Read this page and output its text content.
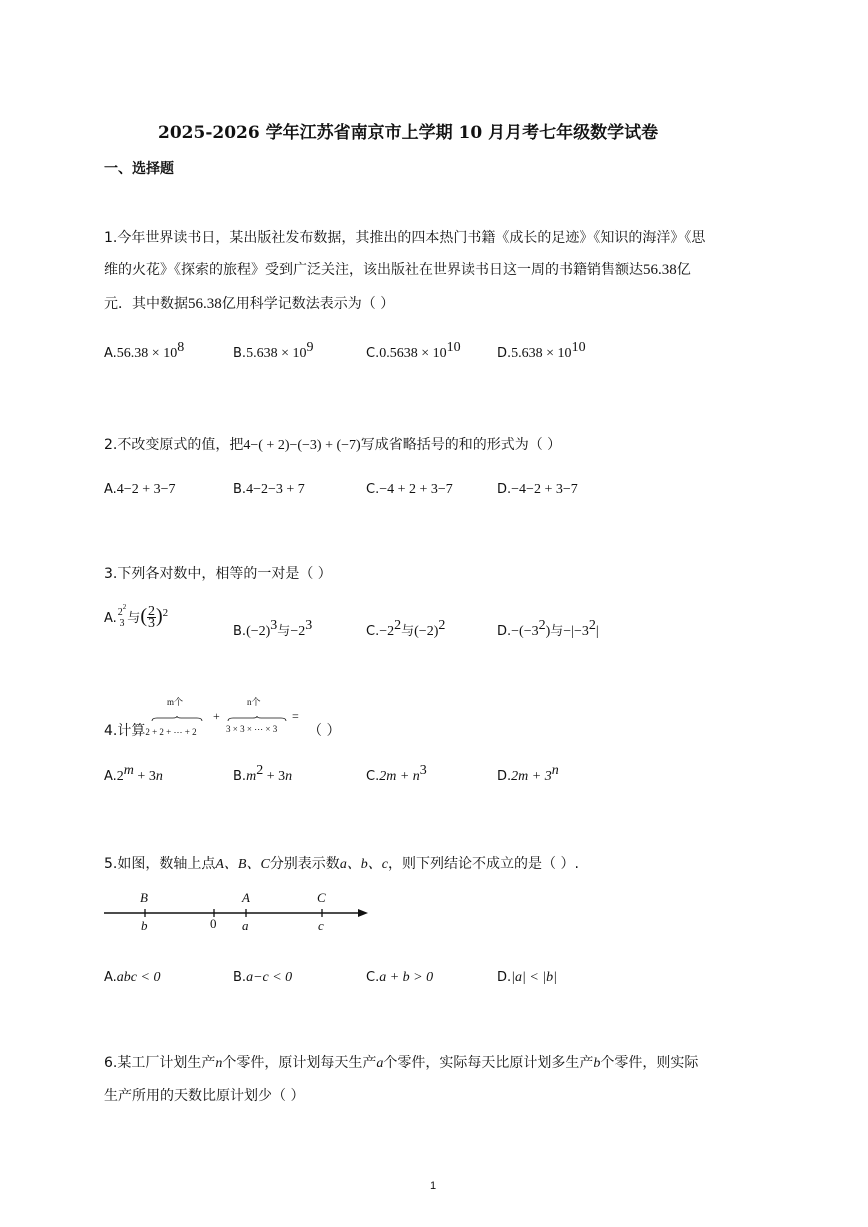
2025-2026 学年江苏省南京市上学期 10 月月考七年级数学试卷
一、选择题
1.今年世界读书日，某出版社发布数据，其推出的四本热门书籍《成长的足迹》《知识的海洋》《思
维的火花》《探索的旅程》受到广泛关注，该出版社在世界读书日这一周的书籍销售额达56.38亿
元．其中数据56.38亿用科学记数法表示为（ ）
$A.56.38 \times 10^8$	$B.5.638 \times 10^9$	$C.0.5638 \times 10^{10}$	$D.5.638 \times 10^{10}$
2.不改变原式的值，把4−( + 2)−(−3) + (−7)写成省略括号的和的形式为（ ）
A.4−2 + 3−7	B.4−2−3 + 7	C.−4 + 2 + 3−7	D.−4−2 + 3−7
3.下列各对数中，相等的一对是（ ）
A. $2^2$
3 与( $\frac{2}{3} )^2$
$B.(-2)^3$与$-2^3$	$C.-2^2$与$(-2)^2$	$D.-(-3^2)$与$-|-3^2|$
m个	n个
4.计算2 + 2 + ⋯ + 2
+
3 × 3 × ⋯ × 3
=
（ ）
$A.2^m + 3n$	$B.m^2 + 3n$	$C.2m + n^3$	$D.2m + 3^n$
5.如图，数轴上点A、B、C分别表示数a、b、c，则下列结论不成立的是（ ）.
B	A	C
b	0 a	c
A.abc < 0	B.a−c < 0	C.a + b > 0	D.|a| < |b|
6.某工厂计划生产n个零件，原计划每天生产a个零件，实际每天比原计划多生产b个零件，则实际
生产所用的天数比原计划少（ ）
1
